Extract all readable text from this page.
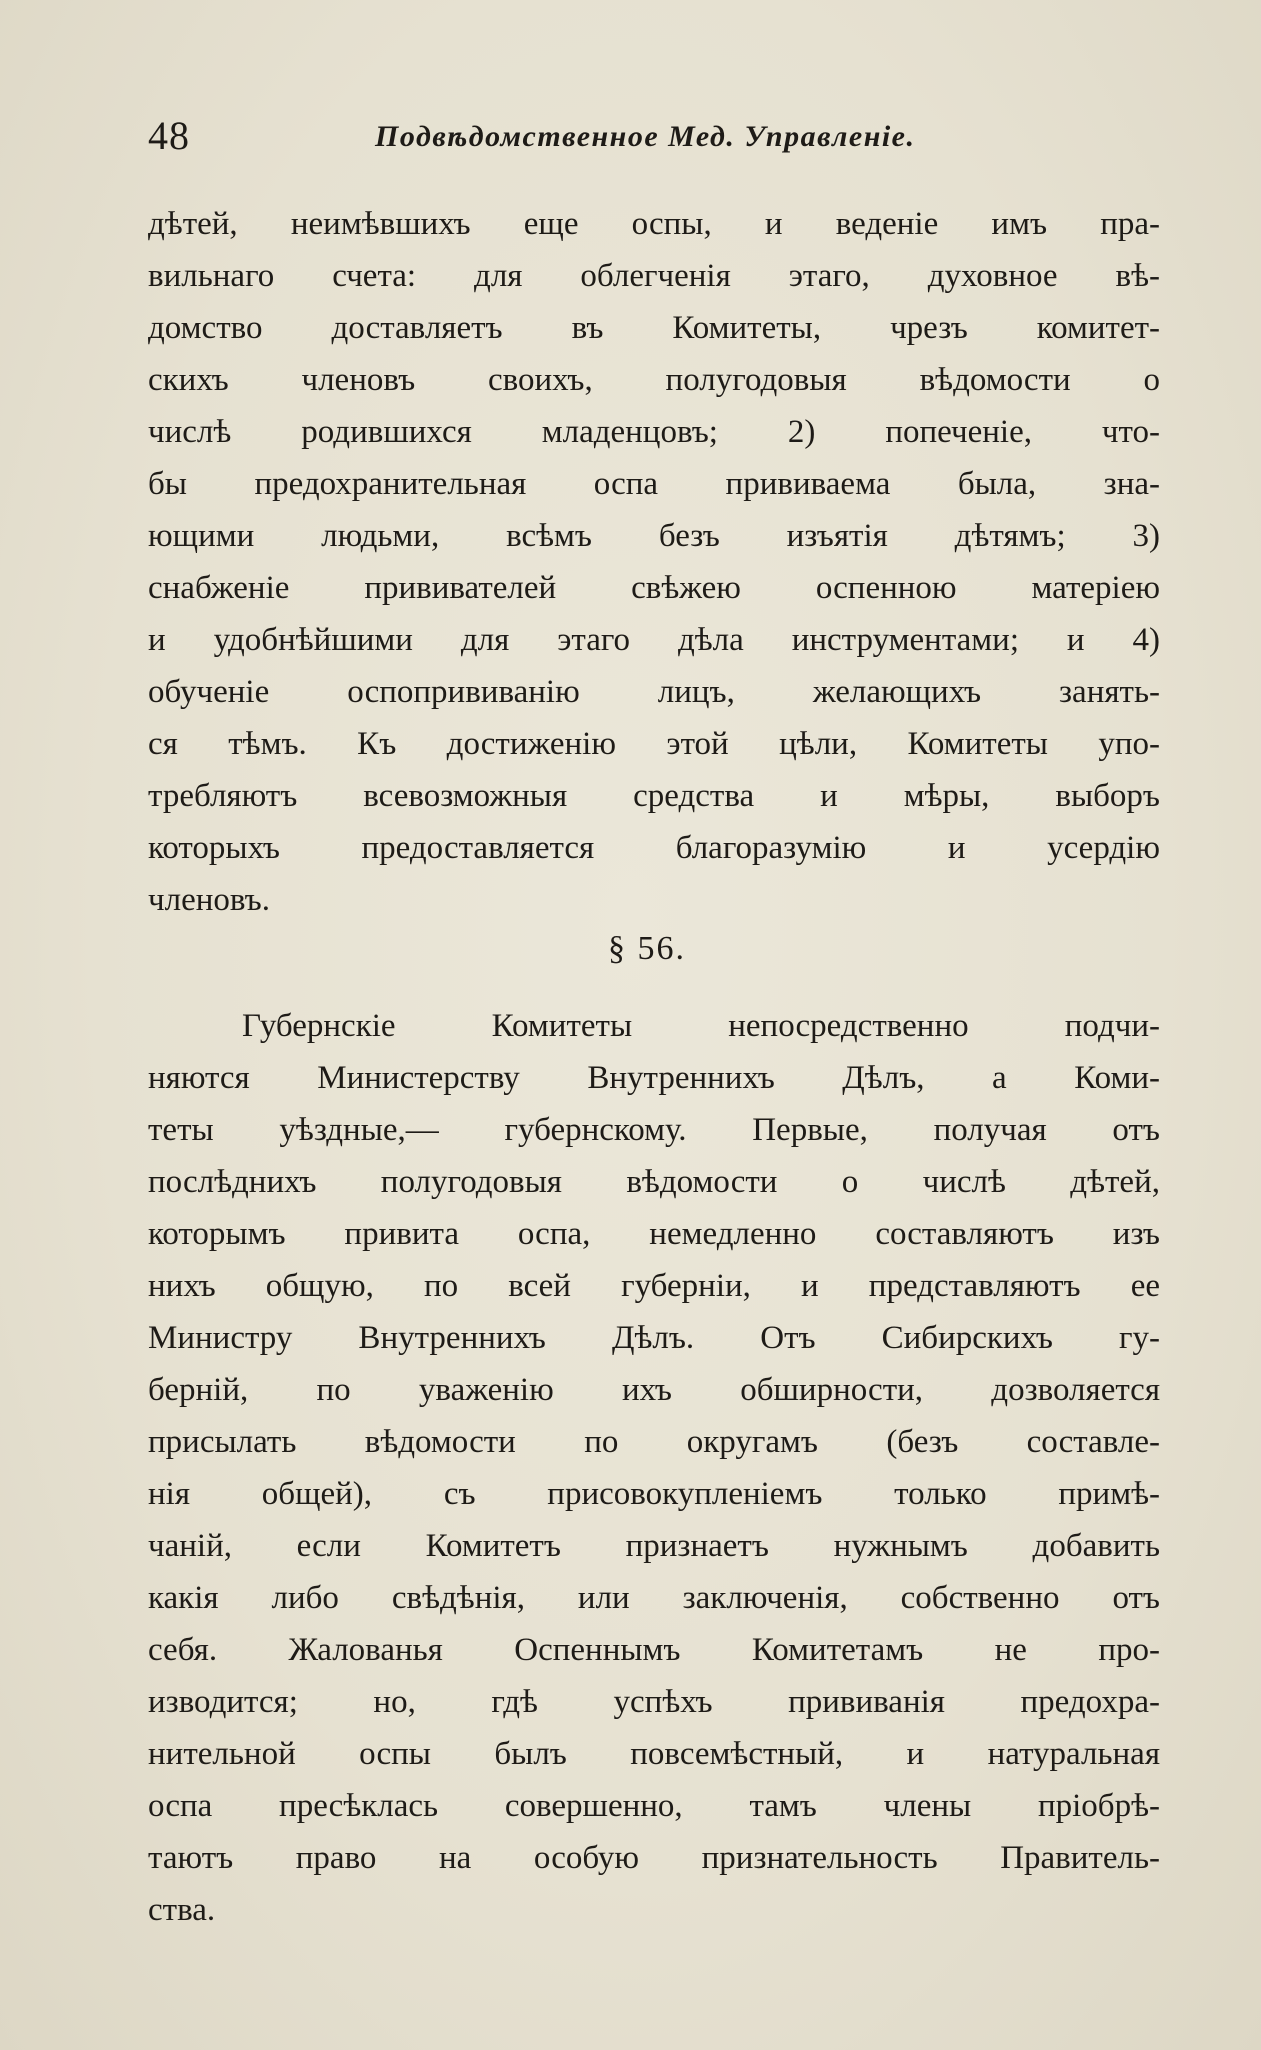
48	Подвѣдомственное Мед. Управленіе.
дѣтей, неимѣвшихъ еще оспы, и веденіе имъ пра-
вильнаго счета: для облегченія этаго, духовное вѣ-
домство доставляетъ въ Комитеты, чрезъ комитет-
скихъ членовъ своихъ, полугодовыя вѣдомости о
числѣ родившихся младенцовъ; 2) попеченіе, что-
бы предохранительная оспа прививаема была, зна-
ющими людьми, всѣмъ безъ изъятія дѣтямъ; 3)
снабженіе прививателей свѣжею оспенною матеріею
и удобнѣйшими для этаго дѣла инструментами; и 4)
обученіе оспопрививанію лицъ, желающихъ занять-
ся тѣмъ. Къ достиженію этой цѣли, Комитеты упо-
требляютъ всевозможныя средства и мѣры, выборъ
которыхъ предоставляется благоразумію и усердію
членовъ.
§ 56.
Губернскіе Комитеты непосредственно подчи-
няются Министерству Внутреннихъ Дѣлъ, а Коми-
теты уѣздные,— губернскому. Первые, получая отъ
послѣднихъ полугодовыя вѣдомости о числѣ дѣтей,
которымъ привита оспа, немедленно составляютъ изъ
нихъ общую, по всей губерніи, и представляютъ ее
Министру Внутреннихъ Дѣлъ. Отъ Сибирскихъ гу-
берній, по уваженію ихъ обширности, дозволяется
присылать вѣдомости по округамъ (безъ составле-
нія общей), съ присовокупленіемъ только примѣ-
чаній, если Комитетъ признаетъ нужнымъ добавить
какія либо свѣдѣнія, или заключенія, собственно отъ
себя. Жалованья Оспеннымъ Комитетамъ не про-
изводится; но, гдѣ успѣхъ прививанія предохра-
нительной оспы былъ повсемѣстный, и натуральная
оспа пресѣклась совершенно, тамъ члены пріобрѣ-
таютъ право на особую признательность Правитель-
ства.
